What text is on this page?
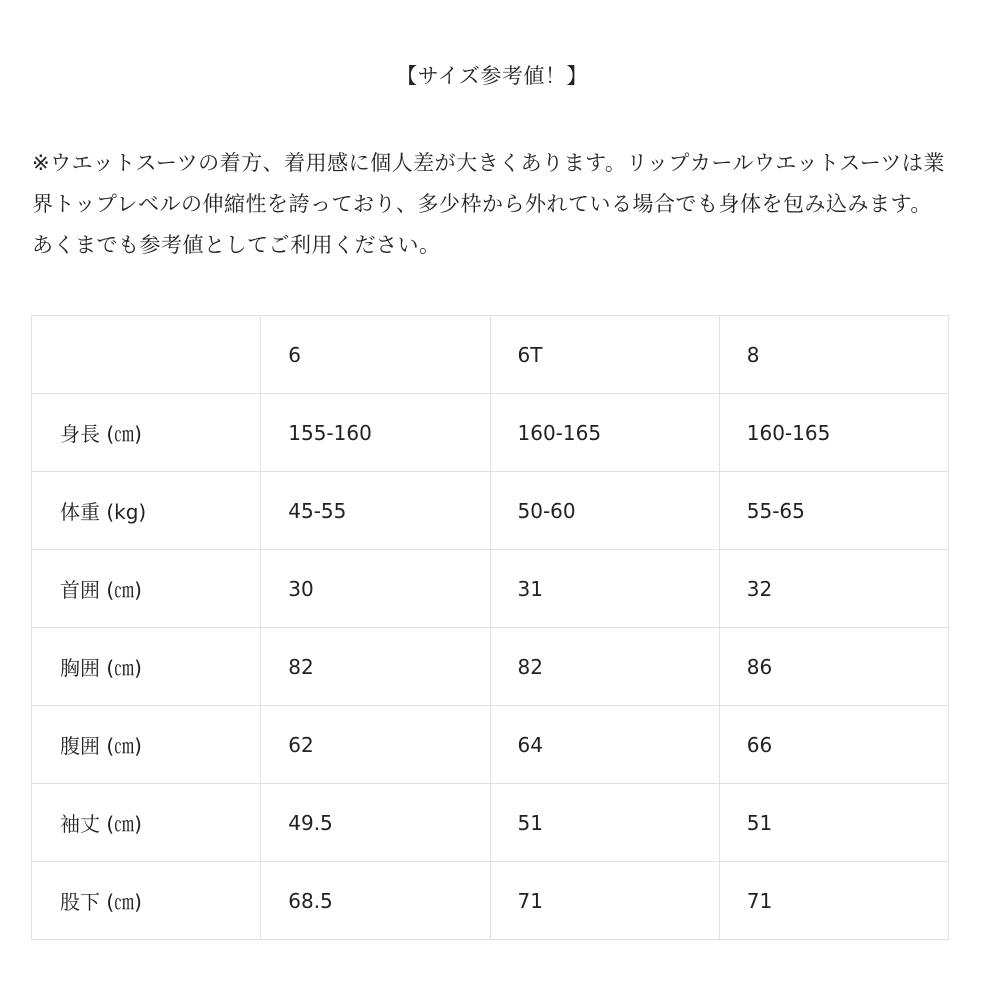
【サイズ参考値！】
※ウエットスーツの着方、着用感に個人差が大きくあります。リップカールウエットスーツは業界トップレベルの伸縮性を誇っており、多少枠から外れている場合でも身体を包み込みます。あくまでも参考値としてご利用ください。
	6	6T	8
身長 (㎝)	155-160	160-165	160-165
体重 (kg)	45-55	50-60	55-65
首囲 (㎝)	30	31	32
胸囲 (㎝)	82	82	86
腹囲 (㎝)	62	64	66
袖丈 (㎝)	49.5	51	51
股下 (㎝)	68.5	71	71
